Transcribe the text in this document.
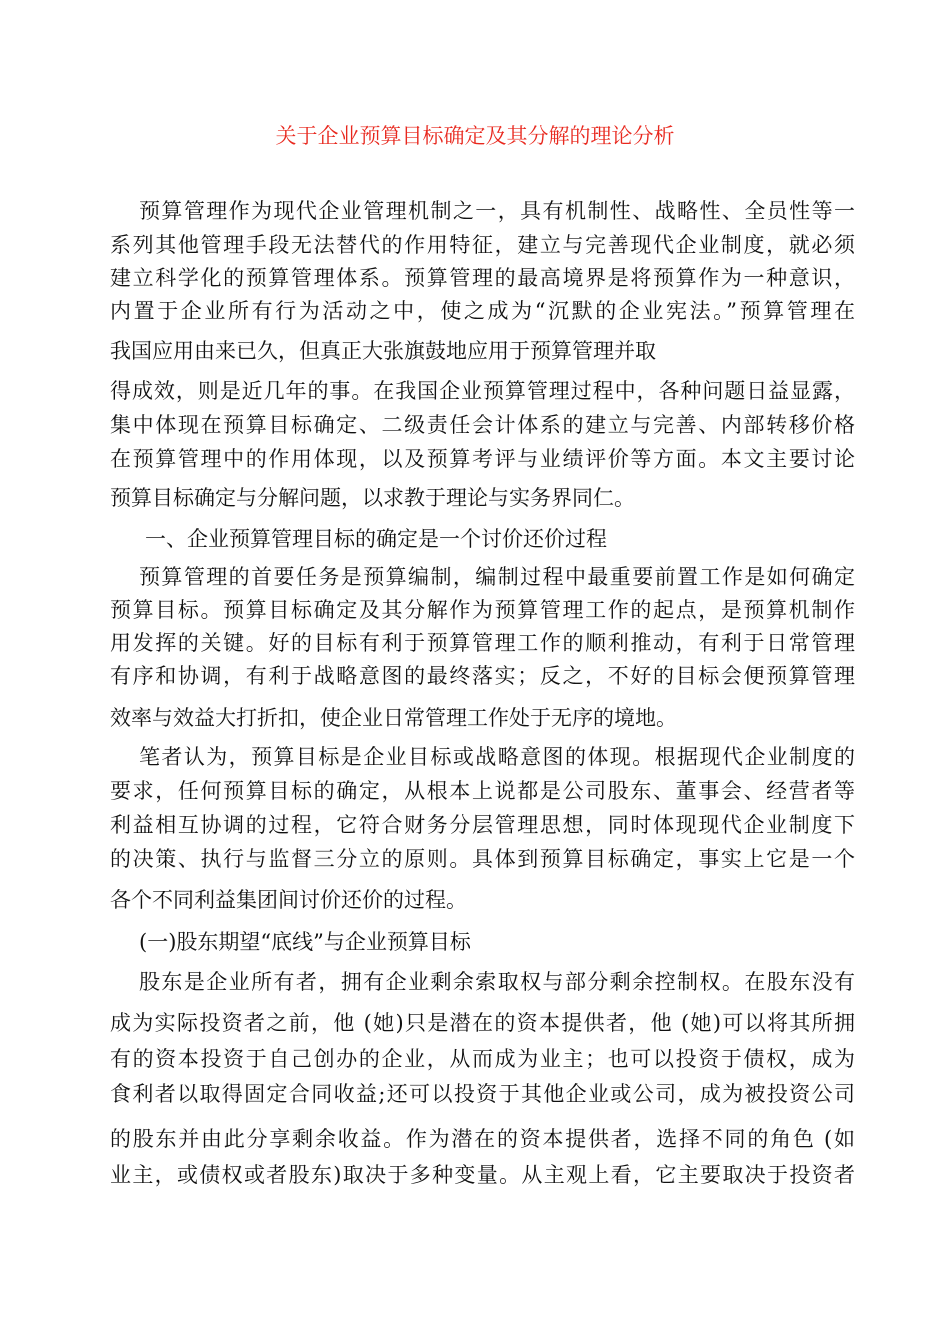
关于企业预算目标确定及其分解的理论分析
预算管理作为现代企业管理机制之一，具有机制性、战略性、全员性等一
系列其他管理手段无法替代的作用特征，建立与完善现代企业制度，就必须
建立科学化的预算管理体系。预算管理的最高境界是将预算作为一种意识，
内置于企业所有行为活动之中，使之成为“沉默的企业宪法。”预算管理在
我国应用由来已久，但真正大张旗鼓地应用于预算管理并取
得成效，则是近几年的事。在我国企业预算管理过程中，各种问题日益显露，
集中体现在预算目标确定、二级责任会计体系的建立与完善、内部转移价格
在预算管理中的作用体现，以及预算考评与业绩评价等方面。本文主要讨论
预算目标确定与分解问题，以求教于理论与实务界同仁。
一、企业预算管理目标的确定是一个讨价还价过程
预算管理的首要任务是预算编制，编制过程中最重要前置工作是如何确定
预算目标。预算目标确定及其分解作为预算管理工作的起点，是预算机制作
用发挥的关键。好的目标有利于预算管理工作的顺利推动，有利于日常管理
有序和协调，有利于战略意图的最终落实；反之，不好的目标会便预算管理
效率与效益大打折扣，使企业日常管理工作处于无序的境地。
笔者认为，预算目标是企业目标或战略意图的体现。根据现代企业制度的
要求，任何预算目标的确定，从根本上说都是公司股东、董事会、经营者等
利益相互协调的过程，它符合财务分层管理思想，同时体现现代企业制度下
的决策、执行与监督三分立的原则。具体到预算目标确定，事实上它是一个
各个不同利益集团间讨价还价的过程。
(一)股东期望“底线”与企业预算目标
股东是企业所有者，拥有企业剩余索取权与部分剩余控制权。在股东没有
成为实际投资者之前，他 (她)只是潜在的资本提供者，他 (她)可以将其所拥
有的资本投资于自己创办的企业，从而成为业主；也可以投资于债权，成为
食利者以取得固定合同收益;还可以投资于其他企业或公司，成为被投资公司
的股东并由此分享剩余收益。作为潜在的资本提供者，选择不同的角色 (如
业主，或债权或者股东)取决于多种变量。从主观上看，它主要取决于投资者
